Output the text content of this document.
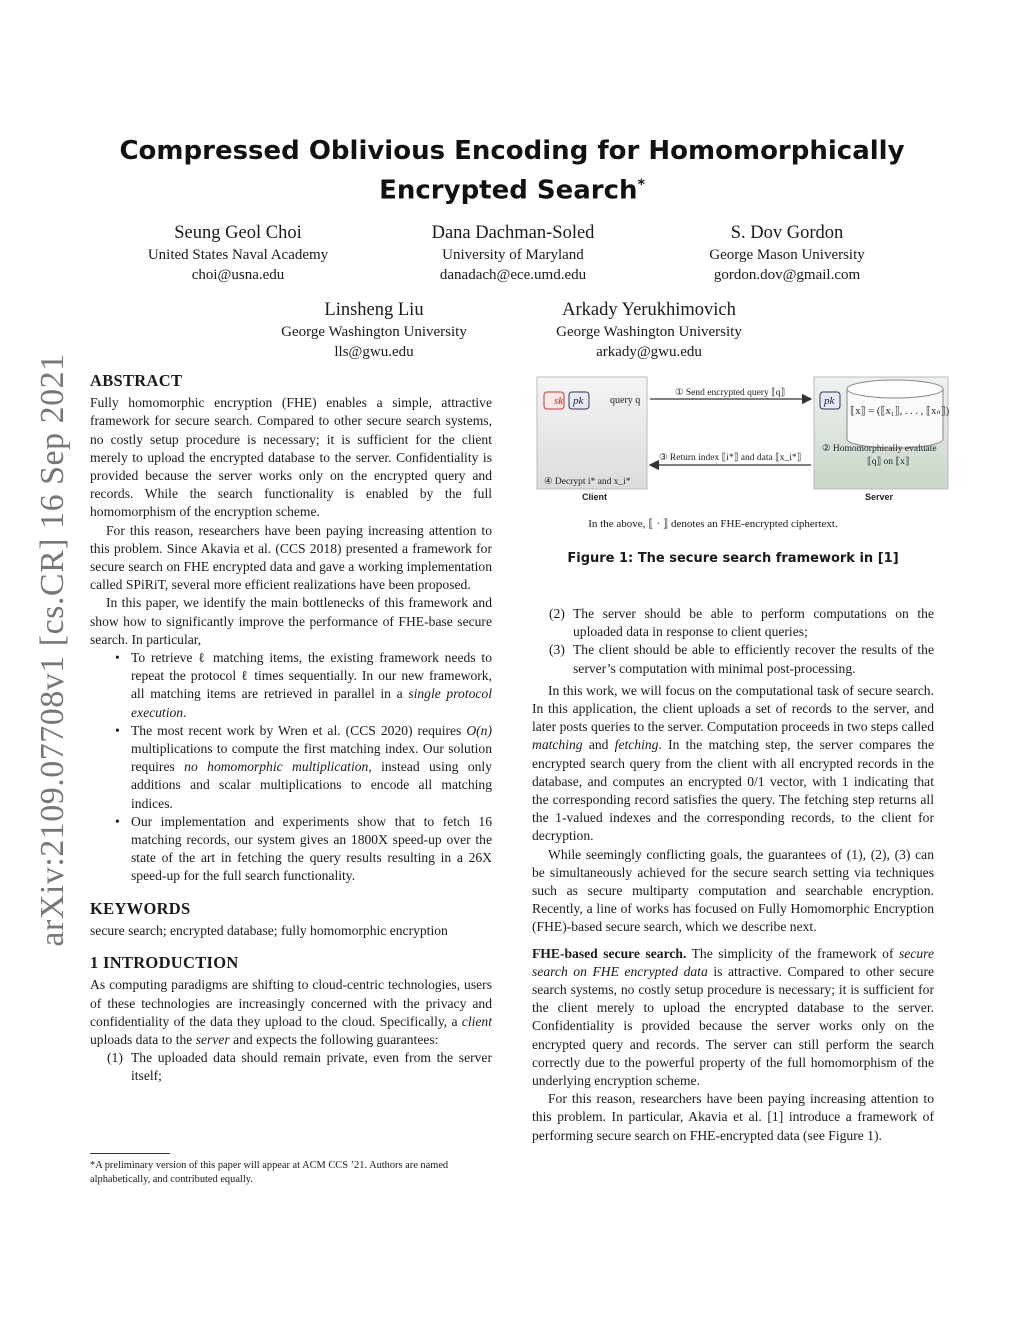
arXiv:2109.07708v1 [cs.CR] 16 Sep 2021
Compressed Oblivious Encoding for Homomorphically
Encrypted Search*
Seung Geol Choi
United States Naval Academy
choi@usna.edu
Dana Dachman-Soled
University of Maryland
danadach@ece.umd.edu
S. Dov Gordon
George Mason University
gordon.dov@gmail.com
Linsheng Liu
George Washington University
lls@gwu.edu
Arkady Yerukhimovich
George Washington University
arkady@gwu.edu
ABSTRACT

Fully homomorphic encryption (FHE) enables a simple, attractive framework for secure search. Compared to other secure search systems, no costly setup procedure is necessary; it is sufficient for the client merely to upload the encrypted database to the server. Confidentiality is provided because the server works only on the encrypted query and records. While the search functionality is enabled by the full homomorphism of the encryption scheme.

For this reason, researchers have been paying increasing attention to this problem. Since Akavia et al. (CCS 2018) presented a framework for secure search on FHE encrypted data and gave a working implementation called SPiRiT, several more efficient realizations have been proposed.

In this paper, we identify the main bottlenecks of this framework and show how to significantly improve the performance of FHE-base secure search. In particular,

• To retrieve ℓ matching items, the existing framework needs to repeat the protocol ℓ times sequentially. In our new framework, all matching items are retrieved in parallel in a single protocol execution.
• The most recent work by Wren et al. (CCS 2020) requires O(n) multiplications to compute the first matching index. Our solution requires no homomorphic multiplication, instead using only additions and scalar multiplications to encode all matching indices.
• Our implementation and experiments show that to fetch 16 matching records, our system gives an 1800X speed-up over the state of the art in fetching the query results resulting in a 26X speed-up for the full search functionality.
KEYWORDS

secure search; encrypted database; fully homomorphic encryption

1 INTRODUCTION

As computing paradigms are shifting to cloud-centric technologies, users of these technologies are increasingly concerned with the privacy and confidentiality of the data they upload to the cloud. Specifically, a client uploads data to the server and expects the following guarantees:

(1) The uploaded data should remain private, even from the server itself;
*A preliminary version of this paper will appear at ACM CCS ’21. Authors are named alphabetically, and contributed equally.
sk pk	pk
query q
① Send encrypted query ⟦q⟧
③ Return index ⟦i*⟧ and data ⟦x_i*⟧
⟦x⟧ = (⟦x₁⟧, . . . , ⟦xₙ⟧)
② Homomorphically evaluate
⟦q⟧ on ⟦x⟧
④ Decrypt i* and x_i*
Client	Server
In the above, ⟦ · ⟧ denotes an FHE-encrypted ciphertext.
Figure 1: The secure search framework in [1]
(2) The server should be able to perform computations on the uploaded data in response to client queries;
(3) The client should be able to efficiently recover the results of the server’s computation with minimal post-processing.

In this work, we will focus on the computational task of secure search. In this application, the client uploads a set of records to the server, and later posts queries to the server. Computation proceeds in two steps called matching and fetching. In the matching step, the server compares the encrypted search query from the client with all encrypted records in the database, and computes an encrypted 0/1 vector, with 1 indicating that the corresponding record satisfies the query. The fetching step returns all the 1-valued indexes and the corresponding records, to the client for decryption.

While seemingly conflicting goals, the guarantees of (1), (2), (3) can be simultaneously achieved for the secure search setting via techniques such as secure multiparty computation and searchable encryption. Recently, a line of works has focused on Fully Homomorphic Encryption (FHE)-based secure search, which we describe next.

FHE-based secure search. The simplicity of the framework of secure search on FHE encrypted data is attractive. Compared to other secure search systems, no costly setup procedure is necessary; it is sufficient for the client merely to upload the encrypted database to the server. Confidentiality is provided because the server works only on the encrypted query and records. The server can still perform the search correctly due to the powerful property of the full homomorphism of the underlying encryption scheme.

For this reason, researchers have been paying increasing attention to this problem. In particular, Akavia et al. [1] introduce a framework of performing secure search on FHE-encrypted data (see Figure 1).
